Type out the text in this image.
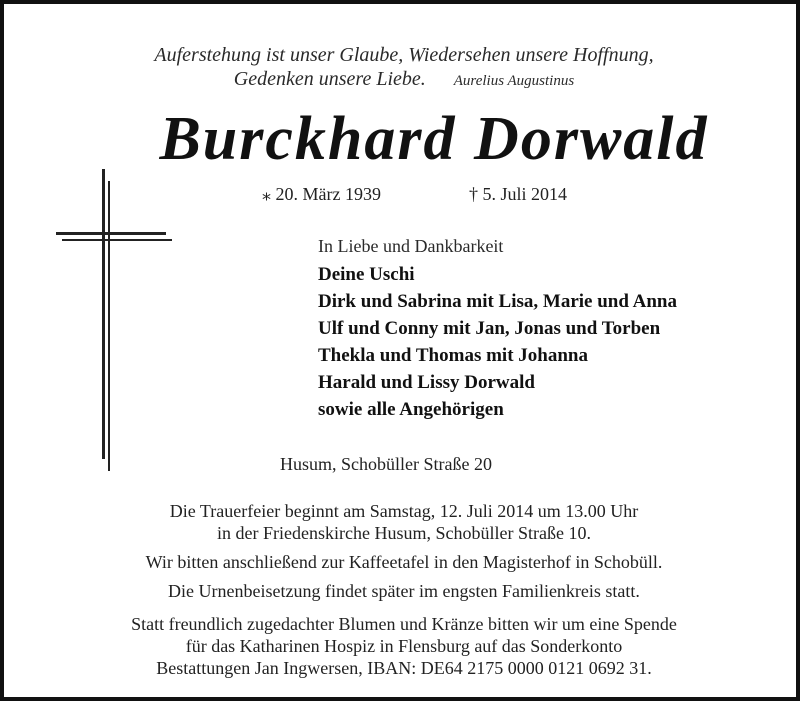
Auferstehung ist unser Glaube, Wiedersehen unsere Hoffnung,
Gedenken unsere Liebe. Aurelius Augustinus
Burckhard Dorwald
⁎ 20. März 1939	† 5. Juli 2014
In Liebe und Dankbarkeit
Deine Uschi
Dirk und Sabrina mit Lisa, Marie und Anna
Ulf und Conny mit Jan, Jonas und Torben
Thekla und Thomas mit Johanna
Harald und Lissy Dorwald
sowie alle Angehörigen
Husum, Schobüller Straße 20
Die Trauerfeier beginnt am Samstag, 12. Juli 2014 um 13.00 Uhr
in der Friedenskirche Husum, Schobüller Straße 10.
Wir bitten anschließend zur Kaffeetafel in den Magisterhof in Schobüll.
Die Urnenbeisetzung findet später im engsten Familienkreis statt.
Statt freundlich zugedachter Blumen und Kränze bitten wir um eine Spende
für das Katharinen Hospiz in Flensburg auf das Sonderkonto
Bestattungen Jan Ingwersen, IBAN: DE64 2175 0000 0121 0692 31.
